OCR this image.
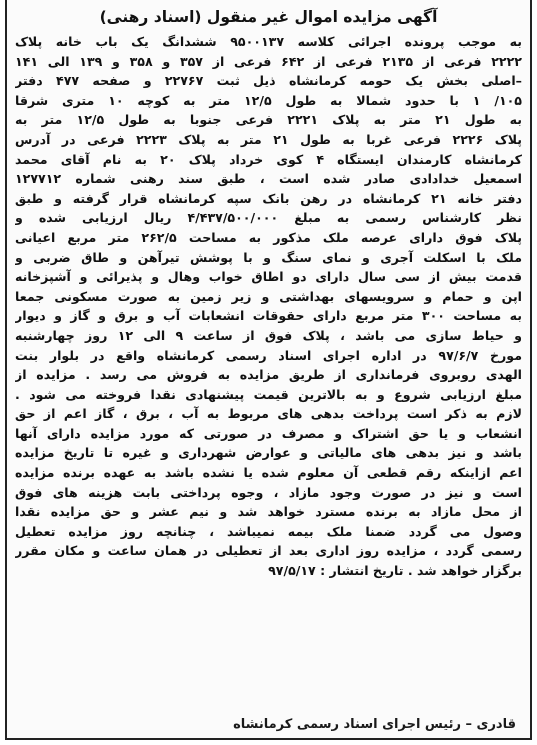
آگهی مزایده اموال غیر منقول (اسناد رهنی)
به موجب پرونده اجرائی کلاسه ۹۵۰۰۱۳۷ ششدانگ یک باب خانه پلاک
۲۲۲۲ فرعی از ۲۱۳۵ فرعی از ۶۴۲ فرعی از ۳۵۷ و ۳۵۸ و ۱۳۹ الی ۱۴۱
–اصلی بخش یک حومه کرمانشاه ذیل ثبت ۲۲۷۶۷ و صفحه ۴۷۷ دفتر
۱۰۵/ ۱ با حدود شمالا به طول ۱۲/۵ متر به کوچه ۱۰ متری شرقا
به طول ۲۱ متر به پلاک ۲۲۲۱ فرعی جنوبا به طول ۱۲/۵ متر به
پلاک ۲۲۲۶ فرعی غربا به طول ۲۱ متر به پلاک ۲۲۲۳ فرعی در آدرس
کرمانشاه کارمندان ایستگاه ۴ کوی خرداد پلاک ۲۰ به نام آقای محمد
اسمعیل خدادادی صادر شده است ، طبق سند رهنی شماره ۱۲۷۷۱۲
دفتر خانه ۲۱ کرمانشاه در رهن بانک سپه کرمانشاه قرار گرفته و طبق
نظر کارشناس رسمی به مبلغ ۴/۴۳۷/۵۰۰/۰۰۰ ریال ارزیابی شده و
پلاک فوق دارای عرصه ملک مذکور به مساحت ۲۶۲/۵ متر مربع اعیانی
ملک با اسکلت آجری و نمای سنگ و با پوشش تیرآهن و طاق ضربی و
قدمت بیش از سی سال دارای دو اطاق خواب وهال و پذیرائی و آشپزخانه
اپن و حمام و سرویسهای بهداشتی و زیر زمین به صورت مسکونی جمعا
به مساحت ۳۰۰ متر مربع دارای حقوقات انشعابات آب و برق و گاز و دیوار
و حیاط سازی می باشد ، پلاک فوق از ساعت ۹ الی ۱۲ روز چهارشنبه
مورخ ۹۷/۶/۷ در اداره اجرای اسناد رسمی کرمانشاه واقع در بلوار بنت
الهدی روبروی فرمانداری از طریق مزایده به فروش می رسد . مزایده از
مبلغ ارزیابی شروع و به بالاترین قیمت پیشنهادی نقدا فروخته می شود .
لازم به ذکر است پرداخت بدهی های مربوط به آب ، برق ، گاز اعم از حق
انشعاب و یا حق اشتراک و مصرف در صورتی که مورد مزایده دارای آنها
باشد و نیز بدهی های مالیاتی و عوارض شهرداری و غیره تا تاریخ مزایده
اعم ازاینکه رقم قطعی آن معلوم شده یا نشده باشد به عهده برنده مزایده
است و نیز در صورت وجود مازاد ، وجوه پرداختی بابت هزینه های فوق
از محل مازاد به برنده مسترد خواهد شد و نیم عشر و حق مزایده نقدا
وصول می گردد ضمنا ملک بیمه نمیباشد ، چنانچه روز مزایده تعطیل
رسمی گردد ، مزایده روز اداری بعد از تعطیلی در همان ساعت و مکان مقرر
برگزار خواهد شد . تاریخ انتشار : ۹۷/۵/۱۷
قادری – رئیس اجرای اسناد رسمی کرمانشاه
